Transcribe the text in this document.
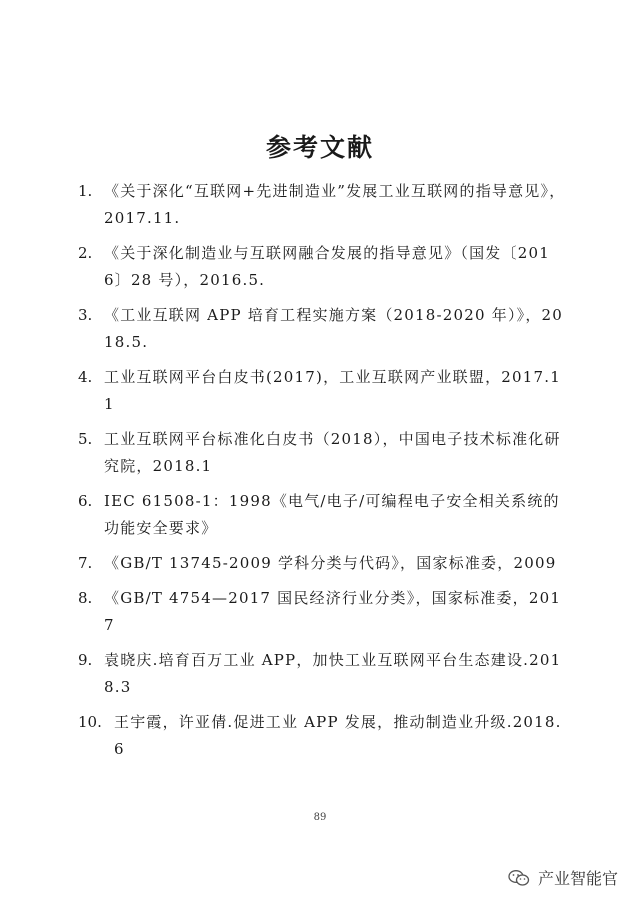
参考文献
1. 《关于深化“互联网+先进制造业”发展工业互联网的指导意见》，2017.11.
2. 《关于深化制造业与互联网融合发展的指导意见》（国发〔2016〕28 号），2016.5.
3. 《工业互联网 APP 培育工程实施方案（2018-2020 年）》，2018.5.
4. 工业互联网平台白皮书(2017)，工业互联网产业联盟，2017.11
5. 工业互联网平台标准化白皮书（2018），中国电子技术标准化研究院，2018.1
6. IEC 61508-1：1998《电气/电子/可编程电子安全相关系统的功能安全要求》
7. 《GB/T 13745-2009 学科分类与代码》，国家标准委，2009
8. 《GB/T 4754—2017 国民经济行业分类》，国家标准委，2017
9. 袁晓庆.培育百万工业 APP，加快工业互联网平台生态建设.2018.3
10. 王宇霞，许亚倩.促进工业 APP 发展，推动制造业升级.2018.6
89
产业智能官
